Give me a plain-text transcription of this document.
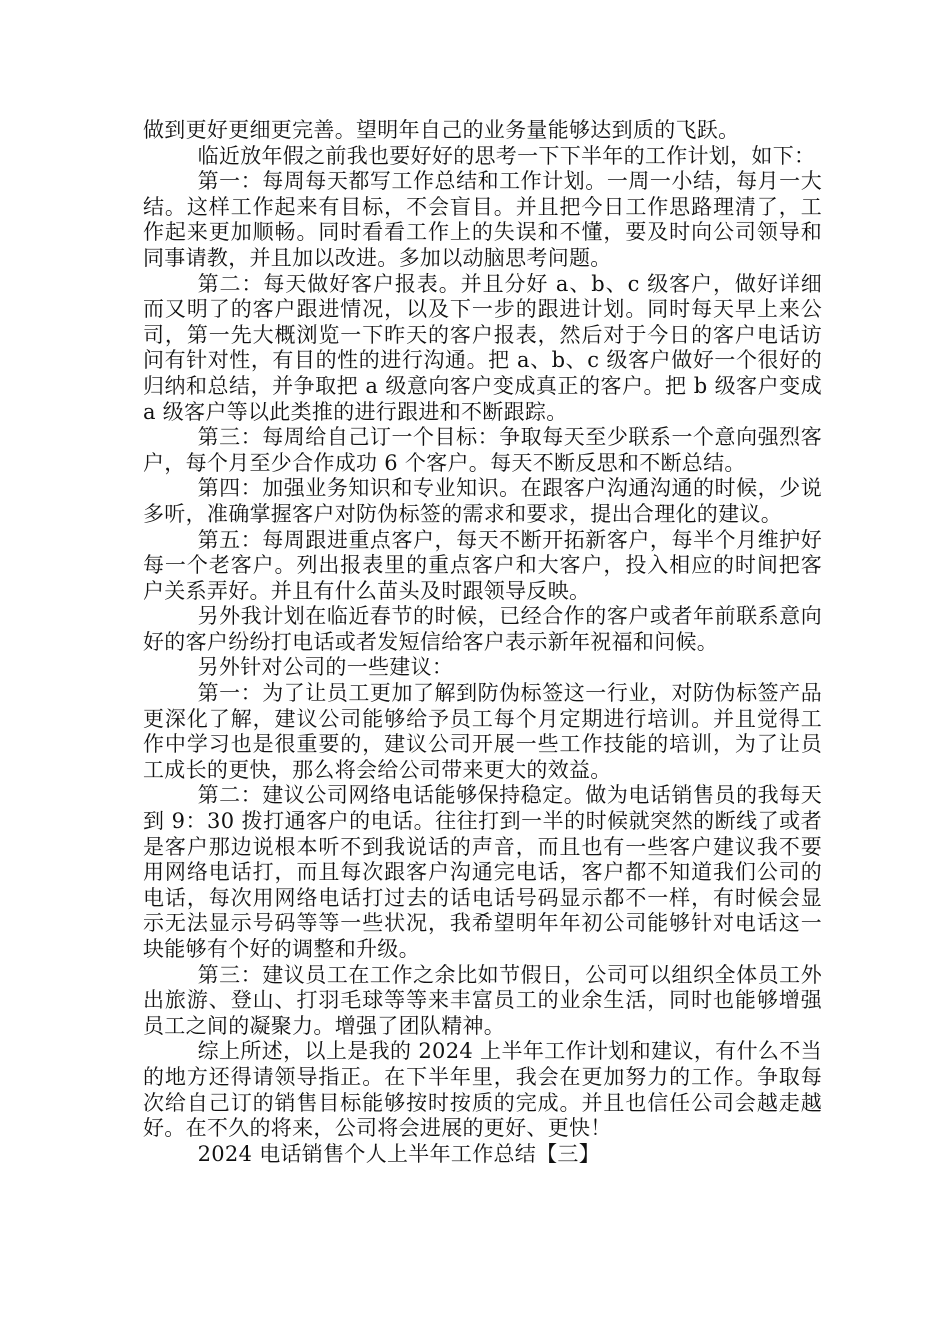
做到更好更细更完善。望明年自己的业务量能够达到质的飞跃。

临近放年假之前我也要好好的思考一下下半年的工作计划，如下：

第一：每周每天都写工作总结和工作计划。一周一小结，每月一大结。这样工作起来有目标，不会盲目。并且把今日工作思路理清了，工作起来更加顺畅。同时看看工作上的失误和不懂，要及时向公司领导和同事请教，并且加以改进。多加以动脑思考问题。

第二：每天做好客户报表。并且分好 a、b、c 级客户，做好详细而又明了的客户跟进情况，以及下一步的跟进计划。同时每天早上来公司，第一先大概浏览一下昨天的客户报表，然后对于今日的客户电话访问有针对性，有目的性的进行沟通。把 a、b、c 级客户做好一个很好的归纳和总结，并争取把 a 级意向客户变成真正的客户。把 b 级客户变成 a 级客户等以此类推的进行跟进和不断跟踪。

第三：每周给自己订一个目标：争取每天至少联系一个意向强烈客户，每个月至少合作成功 6 个客户。每天不断反思和不断总结。

第四：加强业务知识和专业知识。在跟客户沟通沟通的时候，少说多听，准确掌握客户对防伪标签的需求和要求，提出合理化的建议。

第五：每周跟进重点客户，每天不断开拓新客户，每半个月维护好每一个老客户。列出报表里的重点客户和大客户，投入相应的时间把客户关系弄好。并且有什么苗头及时跟领导反映。

另外我计划在临近春节的时候，已经合作的客户或者年前联系意向好的客户纷纷打电话或者发短信给客户表示新年祝福和问候。

另外针对公司的一些建议：

第一：为了让员工更加了解到防伪标签这一行业，对防伪标签产品更深化了解，建议公司能够给予员工每个月定期进行培训。并且觉得工作中学习也是很重要的，建议公司开展一些工作技能的培训，为了让员工成长的更快，那么将会给公司带来更大的效益。

第二：建议公司网络电话能够保持稳定。做为电话销售员的我每天到 9：30 拨打通客户的电话。往往打到一半的时候就突然的断线了或者是客户那边说根本听不到我说话的声音，而且也有一些客户建议我不要用网络电话打，而且每次跟客户沟通完电话，客户都不知道我们公司的电话，每次用网络电话打过去的话电话号码显示都不一样，有时候会显示无法显示号码等等一些状况，我希望明年年初公司能够针对电话这一块能够有个好的调整和升级。

第三：建议员工在工作之余比如节假日，公司可以组织全体员工外出旅游、登山、打羽毛球等等来丰富员工的业余生活，同时也能够增强员工之间的凝聚力。增强了团队精神。

综上所述，以上是我的 2024 上半年工作计划和建议，有什么不当的地方还得请领导指正。在下半年里，我会在更加努力的工作。争取每次给自己订的销售目标能够按时按质的完成。并且也信任公司会越走越好。在不久的将来，公司将会进展的更好、更快！

2024 电话销售个人上半年工作总结【三】
